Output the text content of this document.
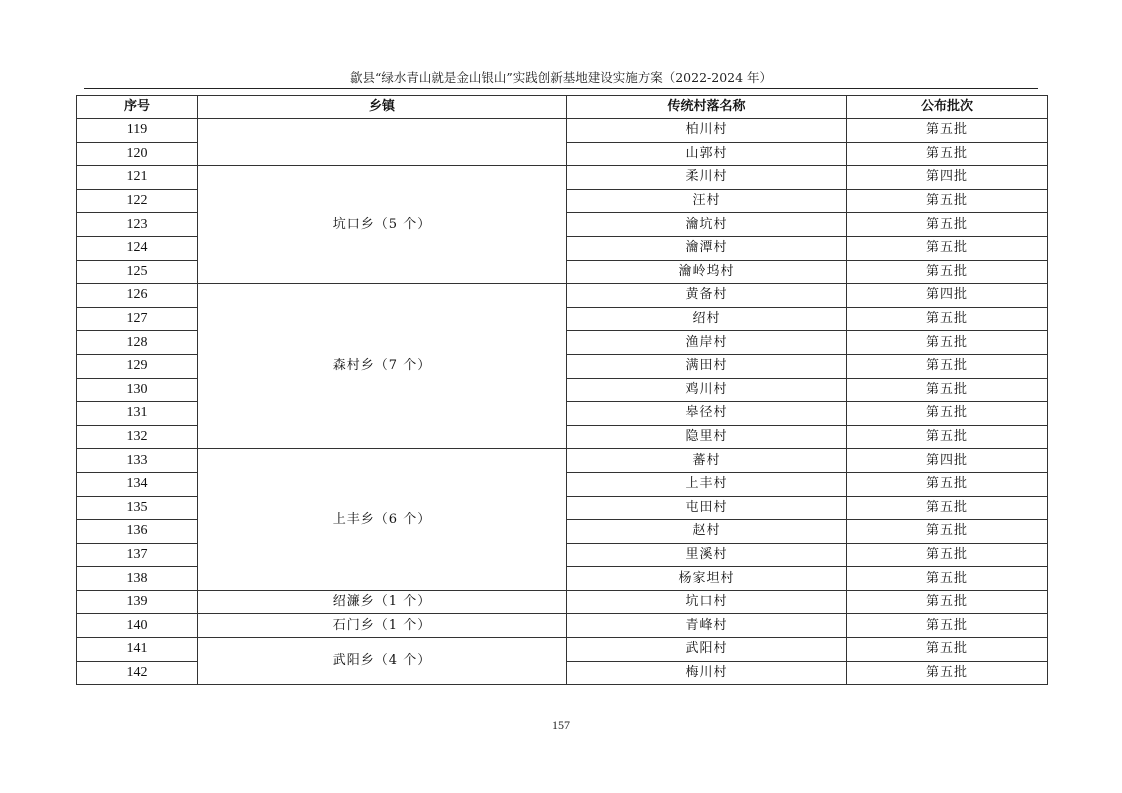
歙县“绿水青山就是金山银山”实践创新基地建设实施方案（2022-2024 年）
序号	乡镇	传统村落名称	公布批次
119		柏川村	第五批
120		山郭村	第五批
121	坑口乡（5 个）	柔川村	第四批
122		汪村	第五批
123		瀹坑村	第五批
124		瀹潭村	第五批
125		瀹岭坞村	第五批
126	森村乡（7 个）	黄备村	第四批
127		绍村	第五批
128		渔岸村	第五批
129		满田村	第五批
130		鸡川村	第五批
131		皋径村	第五批
132		隐里村	第五批
133	上丰乡（6 个）	蕃村	第四批
134		上丰村	第五批
135		屯田村	第五批
136		赵村	第五批
137		里溪村	第五批
138		杨家坦村	第五批
139	绍濂乡（1 个）	坑口村	第五批
140	石门乡（1 个）	青峰村	第五批
141	武阳乡（4 个）	武阳村	第五批
142		梅川村	第五批
157
